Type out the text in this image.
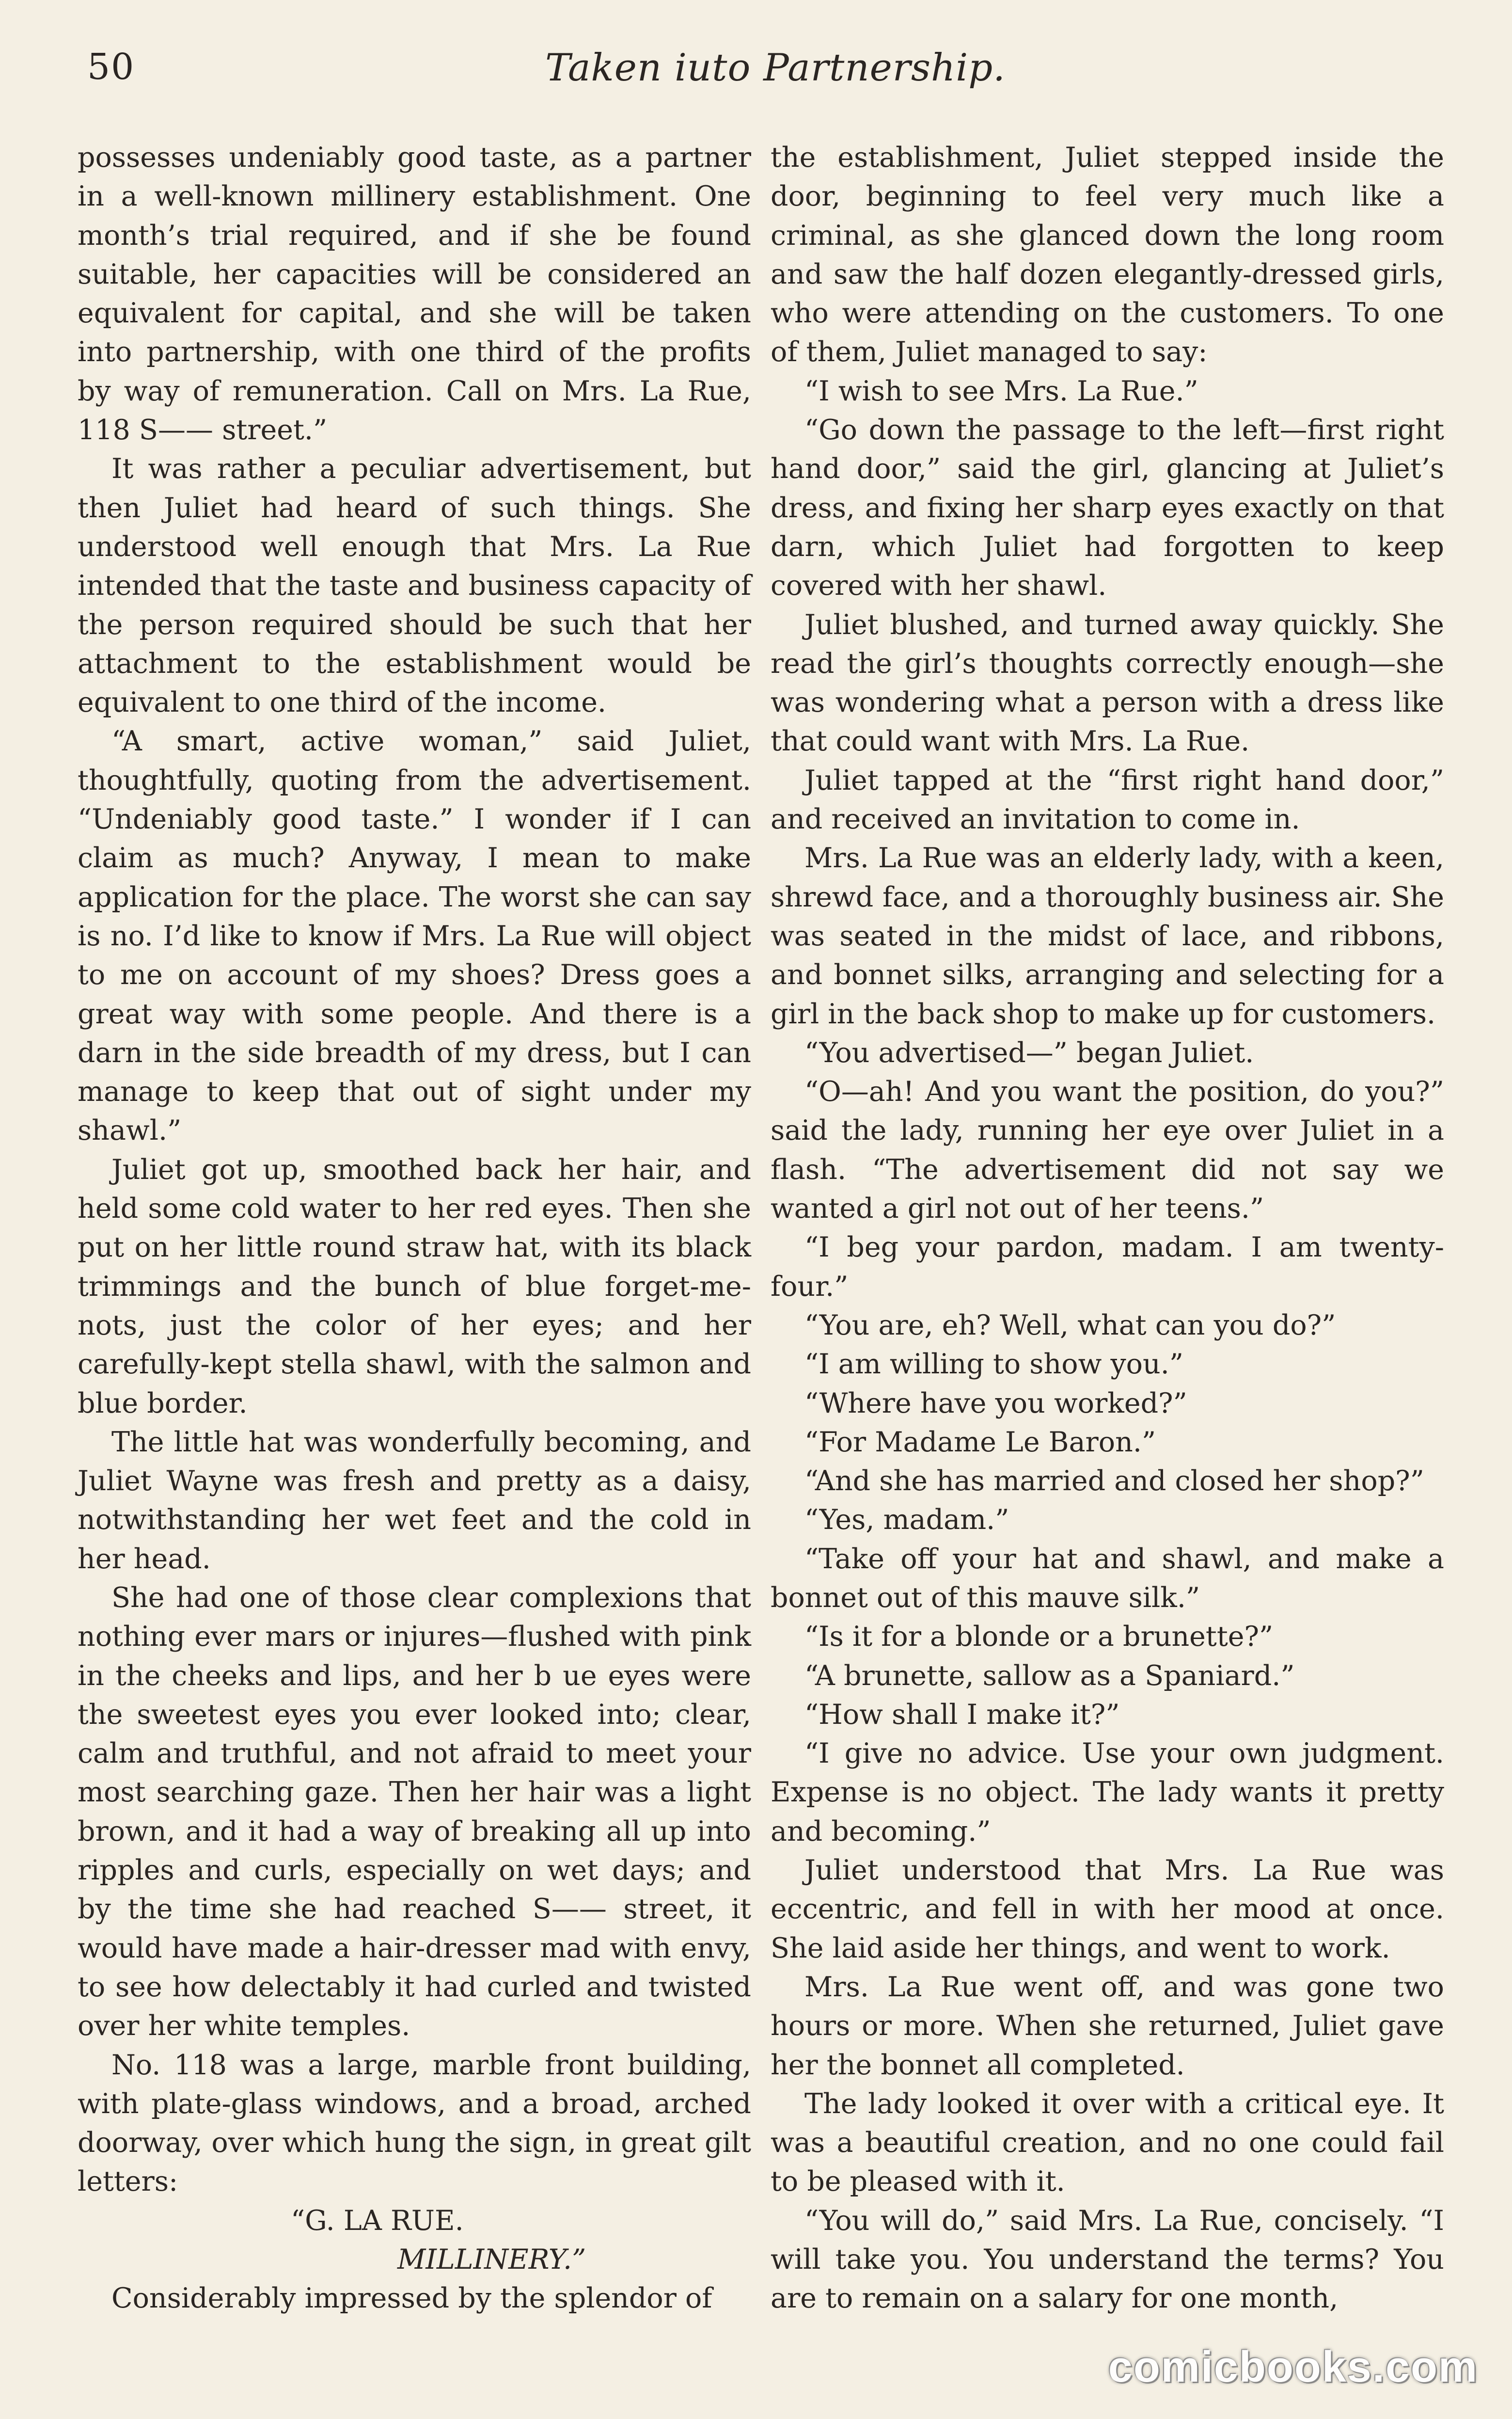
50	Taken iuto Partnership.

possesses undeniably good taste, as a partner in a well-known millinery establishment. One month’s trial required, and if she be found suitable, her capacities will be considered an equivalent for capital, and she will be taken into partnership, with one third of the profits by way of remuneration. Call on Mrs. La Rue, 118 S—— street.”

It was rather a peculiar advertisement, but then Juliet had heard of such things. She understood well enough that Mrs. La Rue intended that the taste and business capacity of the person required should be such that her attachment to the establishment would be equivalent to one third of the income.

“A smart, active woman,” said Juliet, thoughtfully, quoting from the advertisement. “Undeniably good taste.” I wonder if I can claim as much? Anyway, I mean to make application for the place. The worst she can say is no. I’d like to know if Mrs. La Rue will object to me on account of my shoes? Dress goes a great way with some people. And there is a darn in the side breadth of my dress, but I can manage to keep that out of sight under my shawl.”

Juliet got up, smoothed back her hair, and held some cold water to her red eyes. Then she put on her little round straw hat, with its black trimmings and the bunch of blue forget-me-nots, just the color of her eyes; and her carefully-kept stella shawl, with the salmon and blue border.

The little hat was wonderfully becoming, and Juliet Wayne was fresh and pretty as a daisy, notwithstanding her wet feet and the cold in her head.

She had one of those clear complexions that nothing ever mars or injures—flushed with pink in the cheeks and lips, and her b ue eyes were the sweetest eyes you ever looked into; clear, calm and truthful, and not afraid to meet your most searching gaze. Then her hair was a light brown, and it had a way of breaking all up into ripples and curls, especially on wet days; and by the time she had reached S—— street, it would have made a hair-dresser mad with envy, to see how delectably it had curled and twisted over her white temples.

No. 118 was a large, marble front building, with plate-glass windows, and a broad, arched doorway, over which hung the sign, in great gilt letters:

“G. LA RUE.

MILLINERY.”

Considerably impressed by the splendor of

the establishment, Juliet stepped inside the door, beginning to feel very much like a criminal, as she glanced down the long room and saw the half dozen elegantly-dressed girls, who were attending on the customers. To one of them, Juliet managed to say:

“I wish to see Mrs. La Rue.”

“Go down the passage to the left—first right hand door,” said the girl, glancing at Juliet’s dress, and fixing her sharp eyes exactly on that darn, which Juliet had forgotten to keep covered with her shawl.

Juliet blushed, and turned away quickly. She read the girl’s thoughts correctly enough—she was wondering what a person with a dress like that could want with Mrs. La Rue.

Juliet tapped at the “first right hand door,” and received an invitation to come in.

Mrs. La Rue was an elderly lady, with a keen, shrewd face, and a thoroughly business air. She was seated in the midst of lace, and ribbons, and bonnet silks, arranging and selecting for a girl in the back shop to make up for customers.

“You advertised—” began Juliet.

“O—ah! And you want the position, do you?” said the lady, running her eye over Juliet in a flash. “The advertisement did not say we wanted a girl not out of her teens.”

“I beg your pardon, madam. I am twenty-four.”

“You are, eh? Well, what can you do?”

“I am willing to show you.”

“Where have you worked?”

“For Madame Le Baron.”

“And she has married and closed her shop?”

“Yes, madam.”

“Take off your hat and shawl, and make a bonnet out of this mauve silk.”

“Is it for a blonde or a brunette?”

“A brunette, sallow as a Spaniard.”

“How shall I make it?”

“I give no advice. Use your own judgment. Expense is no object. The lady wants it pretty and becoming.”

Juliet understood that Mrs. La Rue was eccentric, and fell in with her mood at once. She laid aside her things, and went to work.

Mrs. La Rue went off, and was gone two hours or more. When she returned, Juliet gave her the bonnet all completed.

The lady looked it over with a critical eye. It was a beautiful creation, and no one could fail to be pleased with it.

“You will do,” said Mrs. La Rue, concisely. “I will take you. You understand the terms? You are to remain on a salary for one month,

comicbooks.com
